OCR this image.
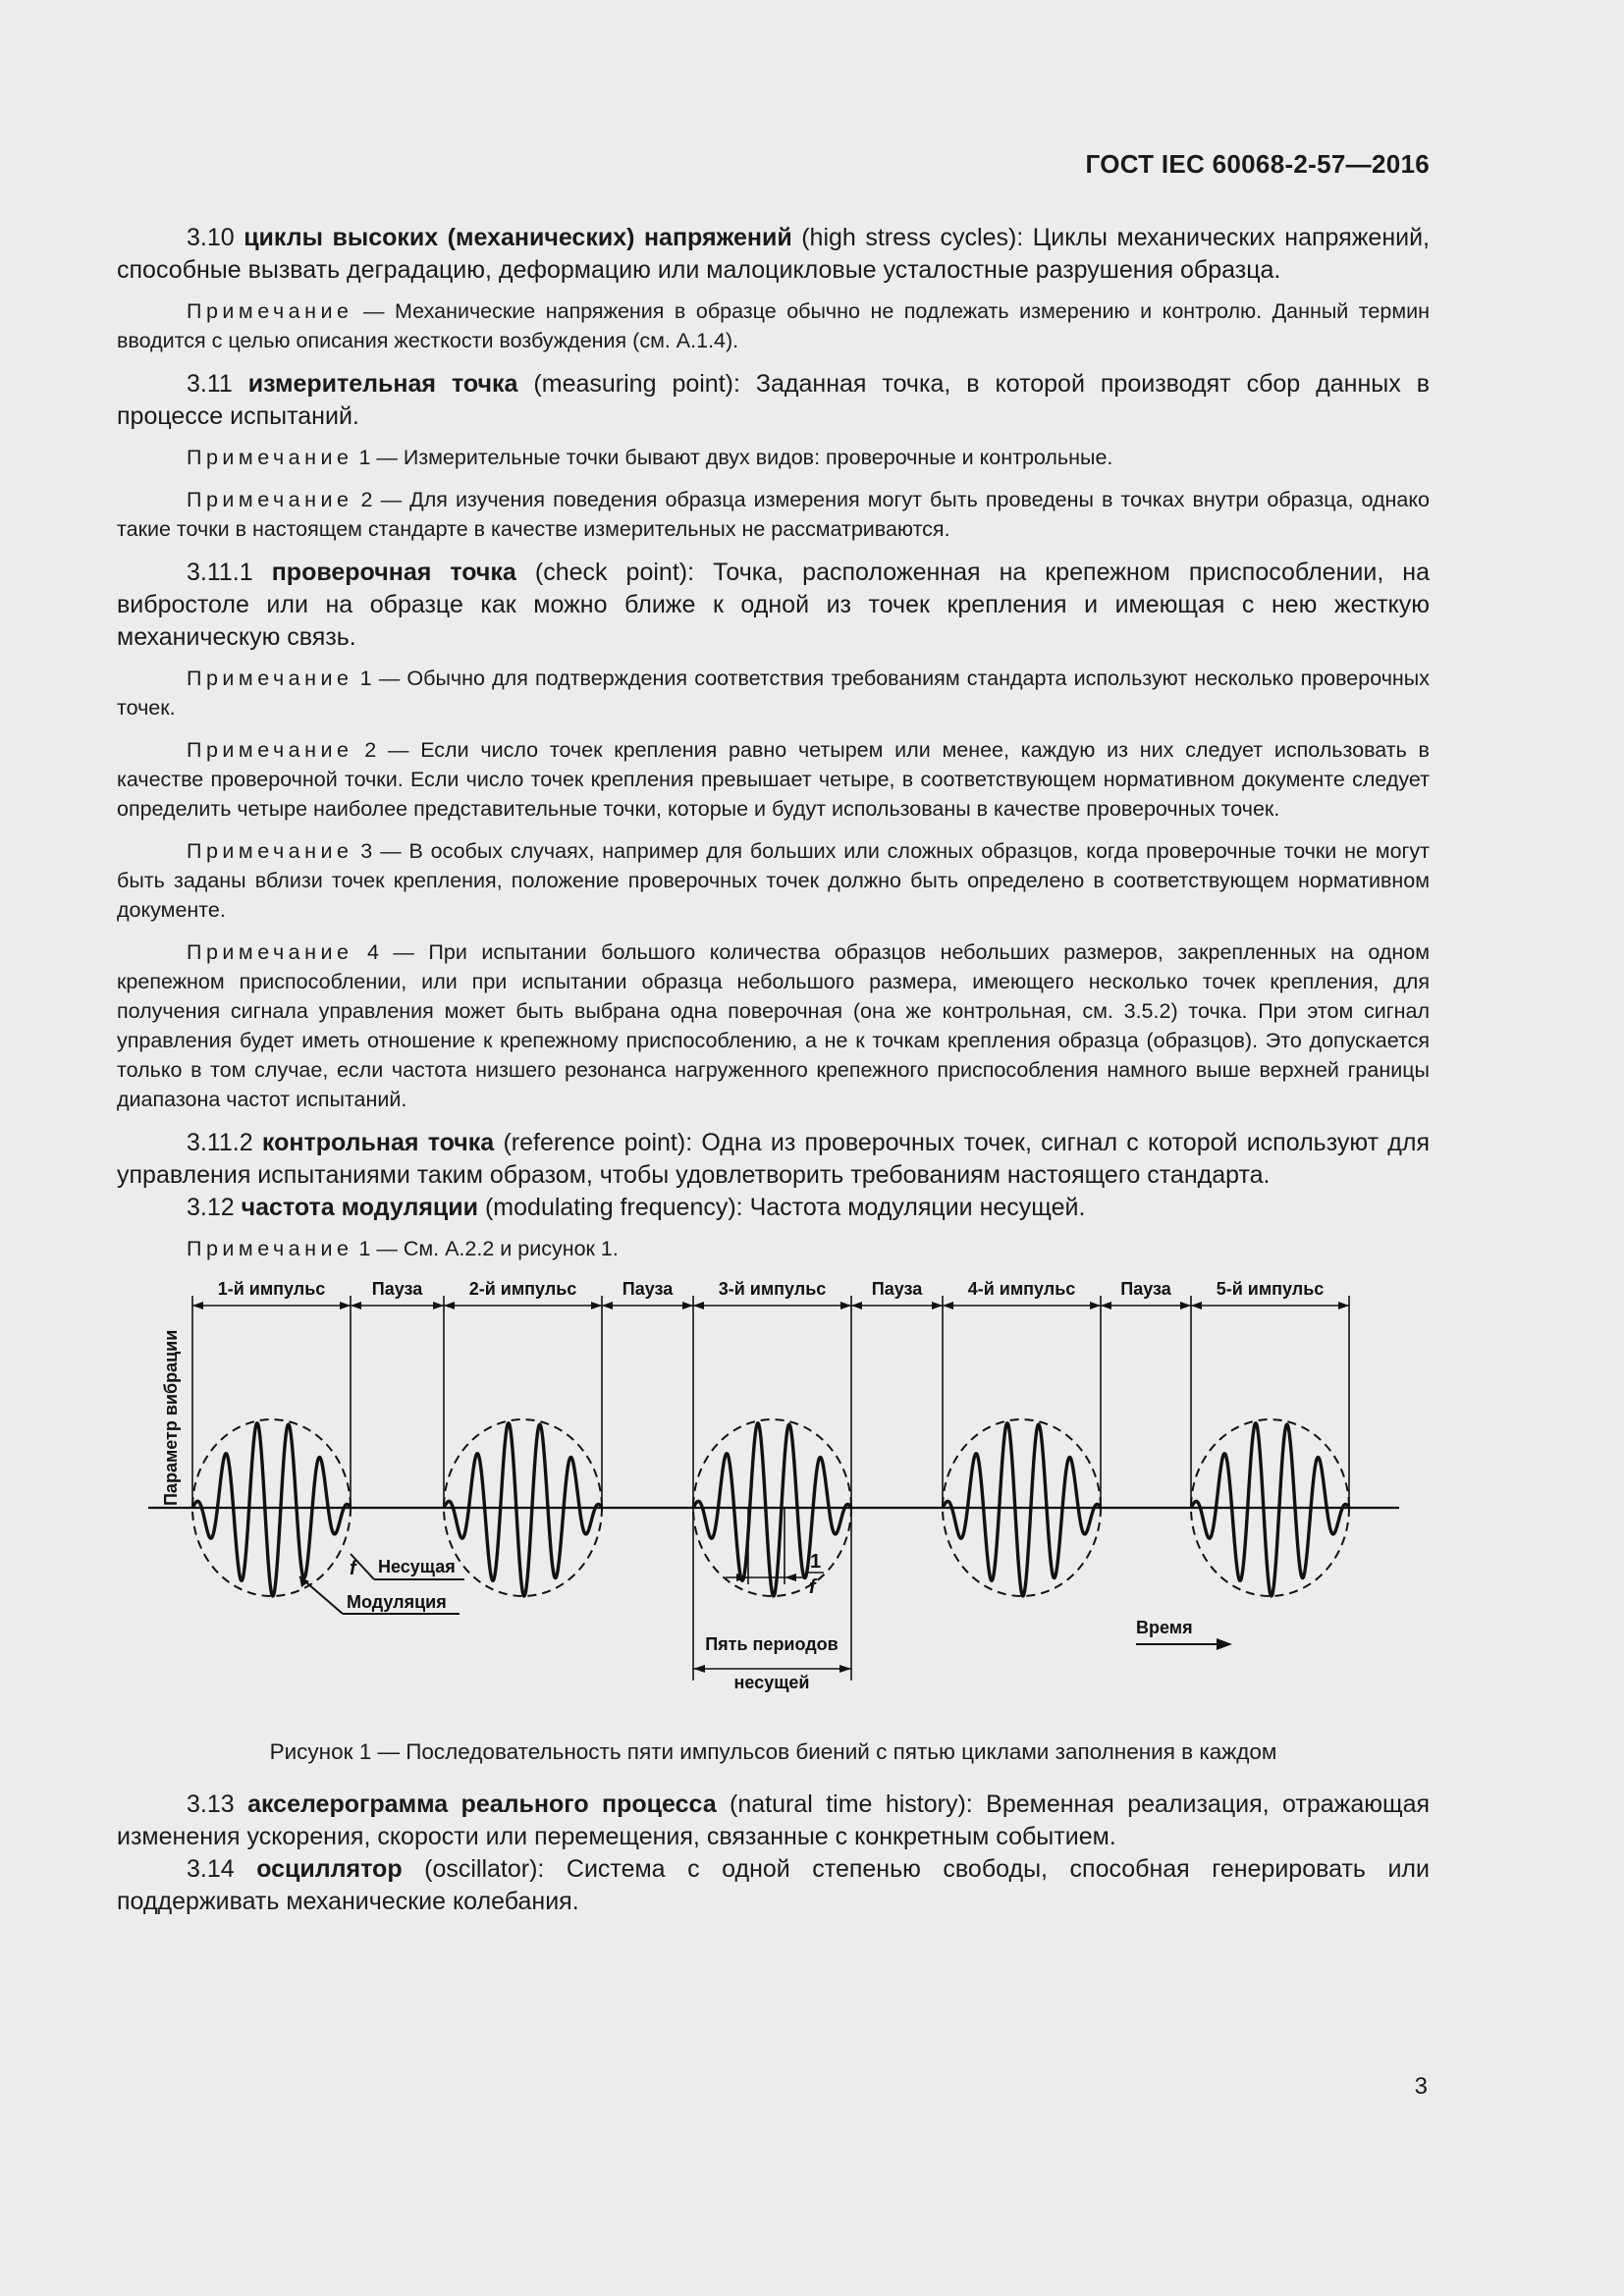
ГОСТ IEC 60068-2-57—2016

3.10 циклы высоких (механических) напряжений (high stress cycles): Циклы механических напряжений, способные вызвать деградацию, деформацию или малоцикловые усталостные разрушения образца.

Примечание — Механические напряжения в образце обычно не подлежать измерению и контролю. Данный термин вводится с целью описания жесткости возбуждения (см. А.1.4).

3.11 измерительная точка (measuring point): Заданная точка, в которой производят сбор данных в процессе испытаний.

Примечание 1 — Измерительные точки бывают двух видов: проверочные и контрольные.

Примечание 2 — Для изучения поведения образца измерения могут быть проведены в точках внутри образца, однако такие точки в настоящем стандарте в качестве измерительных не рассматриваются.

3.11.1 проверочная точка (check point): Точка, расположенная на крепежном приспособлении, на вибростоле или на образце как можно ближе к одной из точек крепления и имеющая с нею жесткую механическую связь.

Примечание 1 — Обычно для подтверждения соответствия требованиям стандарта используют несколько проверочных точек.

Примечание 2 — Если число точек крепления равно четырем или менее, каждую из них следует использовать в качестве проверочной точки. Если число точек крепления превышает четыре, в соответствующем нормативном документе следует определить четыре наиболее представительные точки, которые и будут использованы в качестве проверочных точек.

Примечание 3 — В особых случаях, например для больших или сложных образцов, когда проверочные точки не могут быть заданы вблизи точек крепления, положение проверочных точек должно быть определено в соответствующем нормативном документе.

Примечание 4 — При испытании большого количества образцов небольших размеров, закрепленных на одном крепежном приспособлении, или при испытании образца небольшого размера, имеющего несколько точек крепления, для получения сигнала управления может быть выбрана одна поверочная (она же контрольная, см. 3.5.2) точка. При этом сигнал управления будет иметь отношение к крепежному приспособлению, а не к точкам крепления образца (образцов). Это допускается только в том случае, если частота низшего резонанса нагруженного крепежного приспособления намного выше верхней границы диапазона частот испытаний.

3.11.2 контрольная точка (reference point): Одна из проверочных точек, сигнал с которой используют для управления испытаниями таким образом, чтобы удовлетворить требованиям настоящего стандарта.

3.12 частота модуляции (modulating frequency): Частота модуляции несущей.

Примечание 1 — См. А.2.2 и рисунок 1.

1-й импульс	Пауза	2-й импульс	Пауза	3-й импульс	Пауза	4-й импульс	Пауза	5-й импульс
Параметр вибрации
f Несущая
Модуляция
1
f
Пять периодов
несущей
Время

Рисунок 1 — Последовательность пяти импульсов биений с пятью циклами заполнения в каждом

3.13 акселерограмма реального процесса (natural time history): Временная реализация, отражающая изменения ускорения, скорости или перемещения, связанные с конкретным событием.

3.14 осциллятор (oscillator): Система с одной степенью свободы, способная генерировать или поддерживать механические колебания.

3
